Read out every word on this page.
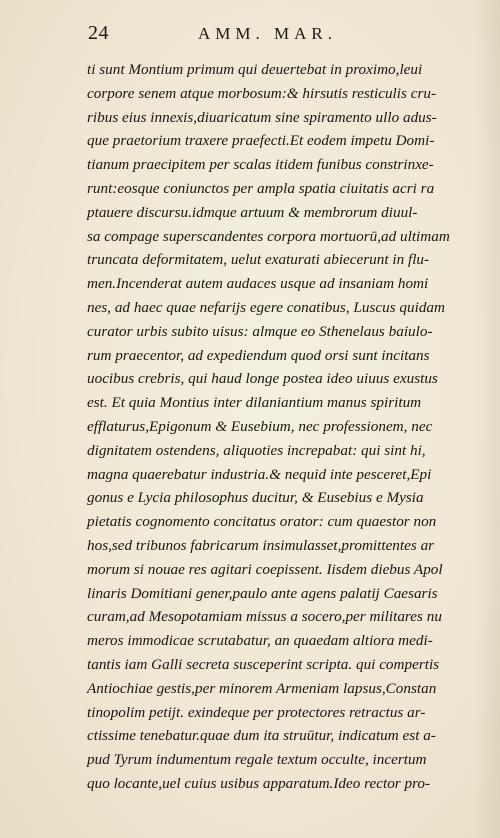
24	AMM. MAR.
ti sunt Montium primum qui deuertebat in proximo,leui
corpore senem atque morbosum:& hirsutis resticulis cru-
ribus eius innexis,diuaricatum sine spiramento ullo adus-
que praetorium traxere praefecti.Et eodem impetu Domi-
tianum praecipitem per scalas itidem funibus constrinxe-
runt:eosque coniunctos per ampla spatia ciuitatis acri ra
ptauere discursu.idmque artuum & membrorum diuul-
sa compage superscandentes corpora mortuorū,ad ultimam
truncata deformitatem, uelut exaturati abiecerunt in flu-
men.Incenderat autem audaces usque ad insaniam homi
nes, ad haec quae nefarijs egere conatibus, Luscus quidam
curator urbis subito uisus: almque eo Sthenelaus baiulo-
rum praecentor, ad expediendum quod orsi sunt incitans
uocibus crebris, qui haud longe postea ideo uiuus exustus
est. Et quia Montius inter dilaniantium manus spiritum
efflaturus,Epigonum & Eusebium, nec professionem, nec
dignitatem ostendens, aliquoties increpabat: qui sint hi,
magna quaerebatur industria.& nequid inte pesceret,Epi
gonus e Lycia philosophus ducitur, & Eusebius e Mysia
pietatis cognomento concitatus orator: cum quaestor non
hos,sed tribunos fabricarum insimulasset,promittentes ar
morum si nouae res agitari coepissent. Iisdem diebus Apol
linaris Domitiani gener,paulo ante agens palatij Caesaris
curam,ad Mesopotamiam missus a socero,per militares nu
meros immodicae scrutabatur, an quaedam altiora medi-
tantis iam Galli secreta susceperint scripta. qui compertis
Antiochiae gestis,per minorem Armeniam lapsus,Constan
tinopolim petijt. exindeque per protectores retractus ar-
ctissime tenebatur.quae dum ita struūtur, indicatum est a-
pud Tyrum indumentum regale textum occulte, incertum
quo locante,uel cuius usibus apparatum.Ideo rector pro-
